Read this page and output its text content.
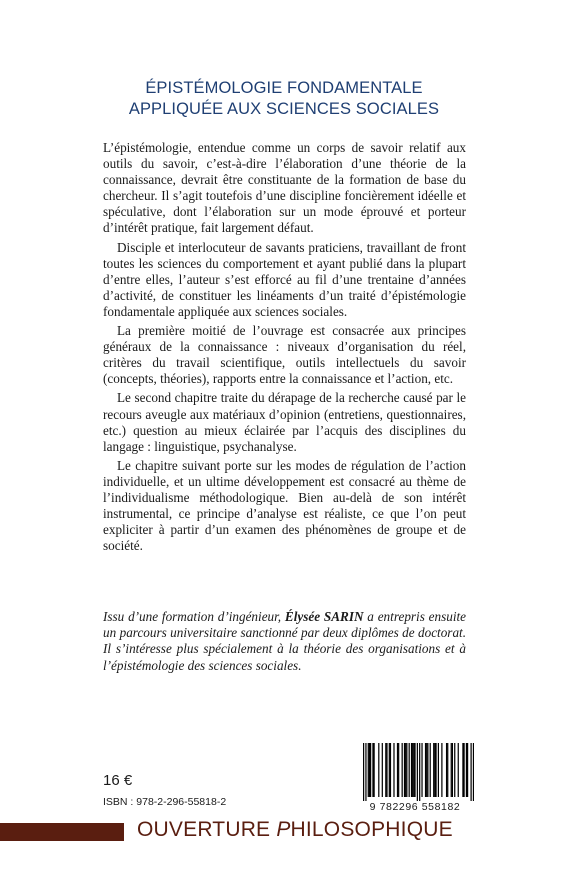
ÉPISTÉMOLOGIE FONDAMENTALE
APPLIQUÉE AUX SCIENCES SOCIALES

L’épistémologie, entendue comme un corps de savoir relatif aux outils du savoir, c’est-à-dire l’élaboration d’une théorie de la connaissance, devrait être constituante de la formation de base du chercheur. Il s’agit toutefois d’une discipline foncièrement idéelle et spéculative, dont l’élaboration sur un mode éprouvé et porteur d’intérêt pratique, fait largement défaut.

Disciple et interlocuteur de savants praticiens, travaillant de front toutes les sciences du comportement et ayant publié dans la plupart d’entre elles, l’auteur s’est efforcé au fil d’une trentaine d’années d’activité, de constituer les linéaments d’un traité d’épistémologie fondamentale appliquée aux sciences sociales.

La première moitié de l’ouvrage est consacrée aux principes généraux de la connaissance : niveaux d’organisation du réel, critères du travail scientifique, outils intellectuels du savoir (concepts, théories), rapports entre la connaissance et l’action, etc.

Le second chapitre traite du dérapage de la recherche causé par le recours aveugle aux matériaux d’opinion (entretiens, questionnaires, etc.) question au mieux éclairée par l’acquis des disciplines du langage : linguistique, psychanalyse.

Le chapitre suivant porte sur les modes de régulation de l’action individuelle, et un ultime développement est consacré au thème de l’individualisme méthodologique. Bien au-delà de son intérêt instrumental, ce principe d’analyse est réaliste, ce que l’on peut expliciter à partir d’un examen des phénomènes de groupe et de société.

Issu d’une formation d’ingénieur, Élysée SARIN a entrepris ensuite un parcours universitaire sanctionné par deux diplômes de doctorat. Il s’intéresse plus spécialement à la théorie des organisations et à l’épistémologie des sciences sociales.
16 €
ISBN : 978-2-296-55818-2	9 782296 558182
OUVERTURE PHILOSOPHIQUE
